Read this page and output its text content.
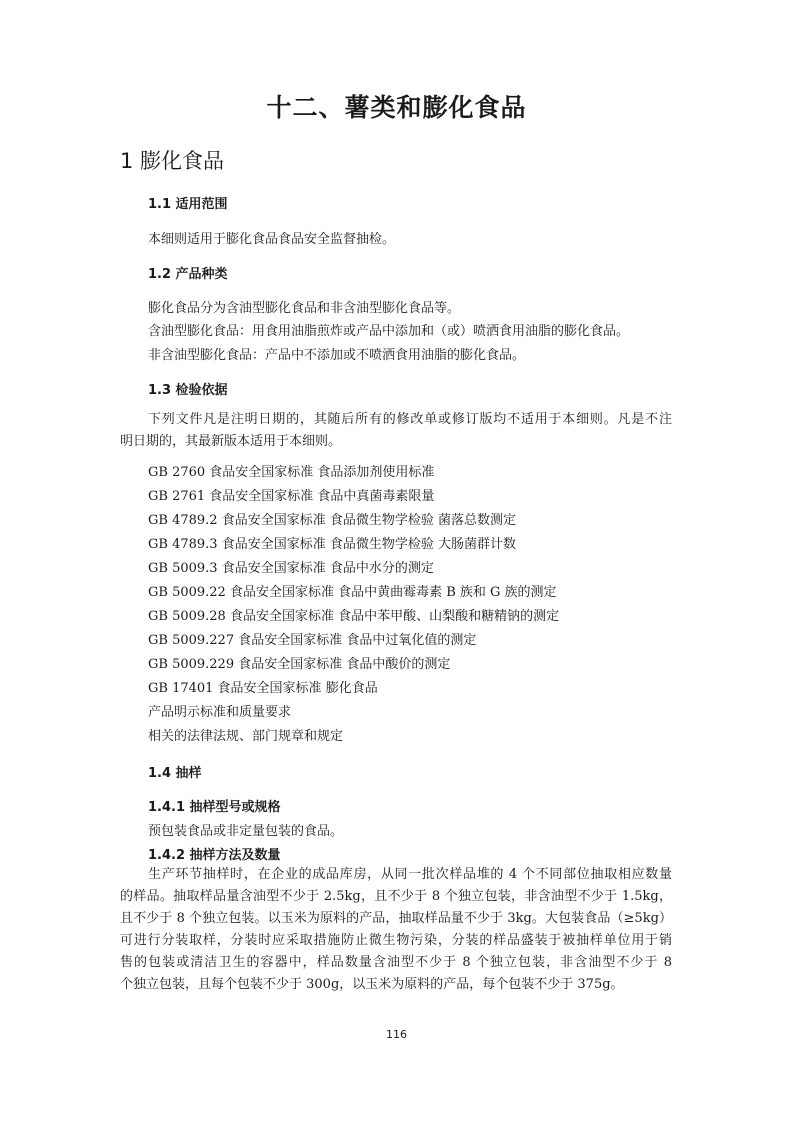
十二、薯类和膨化食品
1 膨化食品
1.1 适用范围
本细则适用于膨化食品食品安全监督抽检。
1.2 产品种类
膨化食品分为含油型膨化食品和非含油型膨化食品等。
含油型膨化食品：用食用油脂煎炸或产品中添加和（或）喷洒食用油脂的膨化食品。
非含油型膨化食品：产品中不添加或不喷洒食用油脂的膨化食品。
1.3 检验依据
下列文件凡是注明日期的，其随后所有的修改单或修订版均不适用于本细则。凡是不注
明日期的，其最新版本适用于本细则。
GB 2760 食品安全国家标准 食品添加剂使用标准
GB 2761 食品安全国家标准 食品中真菌毒素限量
GB 4789.2 食品安全国家标准 食品微生物学检验 菌落总数测定
GB 4789.3 食品安全国家标准 食品微生物学检验 大肠菌群计数
GB 5009.3 食品安全国家标准 食品中水分的测定
GB 5009.22 食品安全国家标准 食品中黄曲霉毒素 B 族和 G 族的测定
GB 5009.28 食品安全国家标准 食品中苯甲酸、山梨酸和糖精钠的测定
GB 5009.227 食品安全国家标准 食品中过氧化值的测定
GB 5009.229 食品安全国家标准 食品中酸价的测定
GB 17401 食品安全国家标准 膨化食品
产品明示标准和质量要求
相关的法律法规、部门规章和规定
1.4 抽样
1.4.1 抽样型号或规格
预包装食品或非定量包装的食品。
1.4.2 抽样方法及数量
生产环节抽样时，在企业的成品库房，从同一批次样品堆的 4 个不同部位抽取相应数量
的样品。抽取样品量含油型不少于 2.5kg，且不少于 8 个独立包装，非含油型不少于 1.5kg，
且不少于 8 个独立包装。以玉米为原料的产品，抽取样品量不少于 3kg。大包装食品（≥5kg）
可进行分装取样，分装时应采取措施防止微生物污染，分装的样品盛装于被抽样单位用于销
售的包装或清洁卫生的容器中，样品数量含油型不少于 8 个独立包装，非含油型不少于 8
个独立包装，且每个包装不少于 300g，以玉米为原料的产品，每个包装不少于 375g。
116
